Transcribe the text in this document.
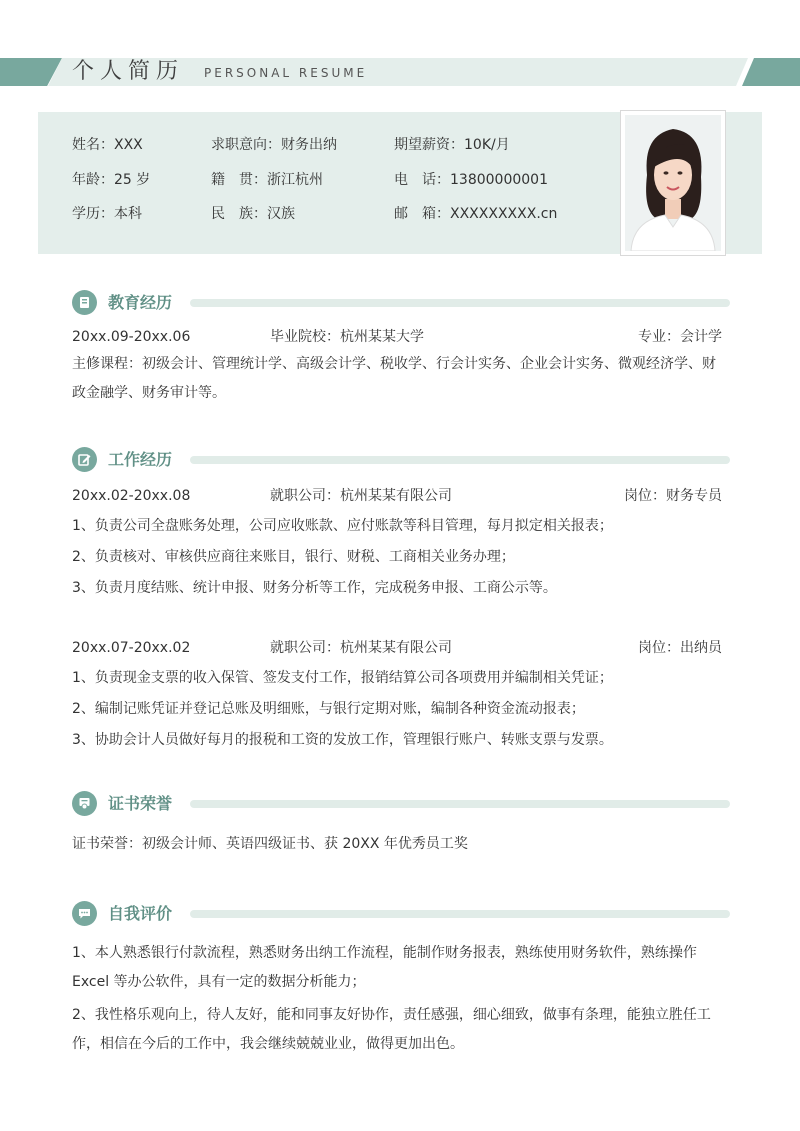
个人简历 PERSONAL RESUME
姓名：XXX	求职意向：财务出纳	期望薪资：10K/月
年龄：25 岁	籍　贯：浙江杭州	电　话：13800000001
学历：本科	民　族：汉族	邮　箱：XXXXXXXXX.cn
教育经历
20xx.09-20xx.06	毕业院校：杭州某某大学	专业：会计学
主修课程：初级会计、管理统计学、高级会计学、税收学、行会计实务、企业会计实务、微观经济学、财政金融学、财务审计等。
工作经历
20xx.02-20xx.08	就职公司：杭州某某有限公司	岗位：财务专员
1、负责公司全盘账务处理，公司应收账款、应付账款等科目管理，每月拟定相关报表；
2、负责核对、审核供应商往来账目，银行、财税、工商相关业务办理；
3、负责月度结账、统计申报、财务分析等工作，完成税务申报、工商公示等。
20xx.07-20xx.02	就职公司：杭州某某有限公司	岗位：出纳员
1、负责现金支票的收入保管、签发支付工作，报销结算公司各项费用并编制相关凭证；
2、编制记账凭证并登记总账及明细账，与银行定期对账，编制各种资金流动报表；
3、协助会计人员做好每月的报税和工资的发放工作，管理银行账户、转账支票与发票。
证书荣誉
证书荣誉：初级会计师、英语四级证书、获 20XX 年优秀员工奖
自我评价
1、本人熟悉银行付款流程，熟悉财务出纳工作流程，能制作财务报表，熟练使用财务软件，熟练操作 Excel 等办公软件，具有一定的数据分析能力；
2、我性格乐观向上，待人友好，能和同事友好协作，责任感强，细心细致，做事有条理，能独立胜任工作，相信在今后的工作中，我会继续兢兢业业，做得更加出色。
